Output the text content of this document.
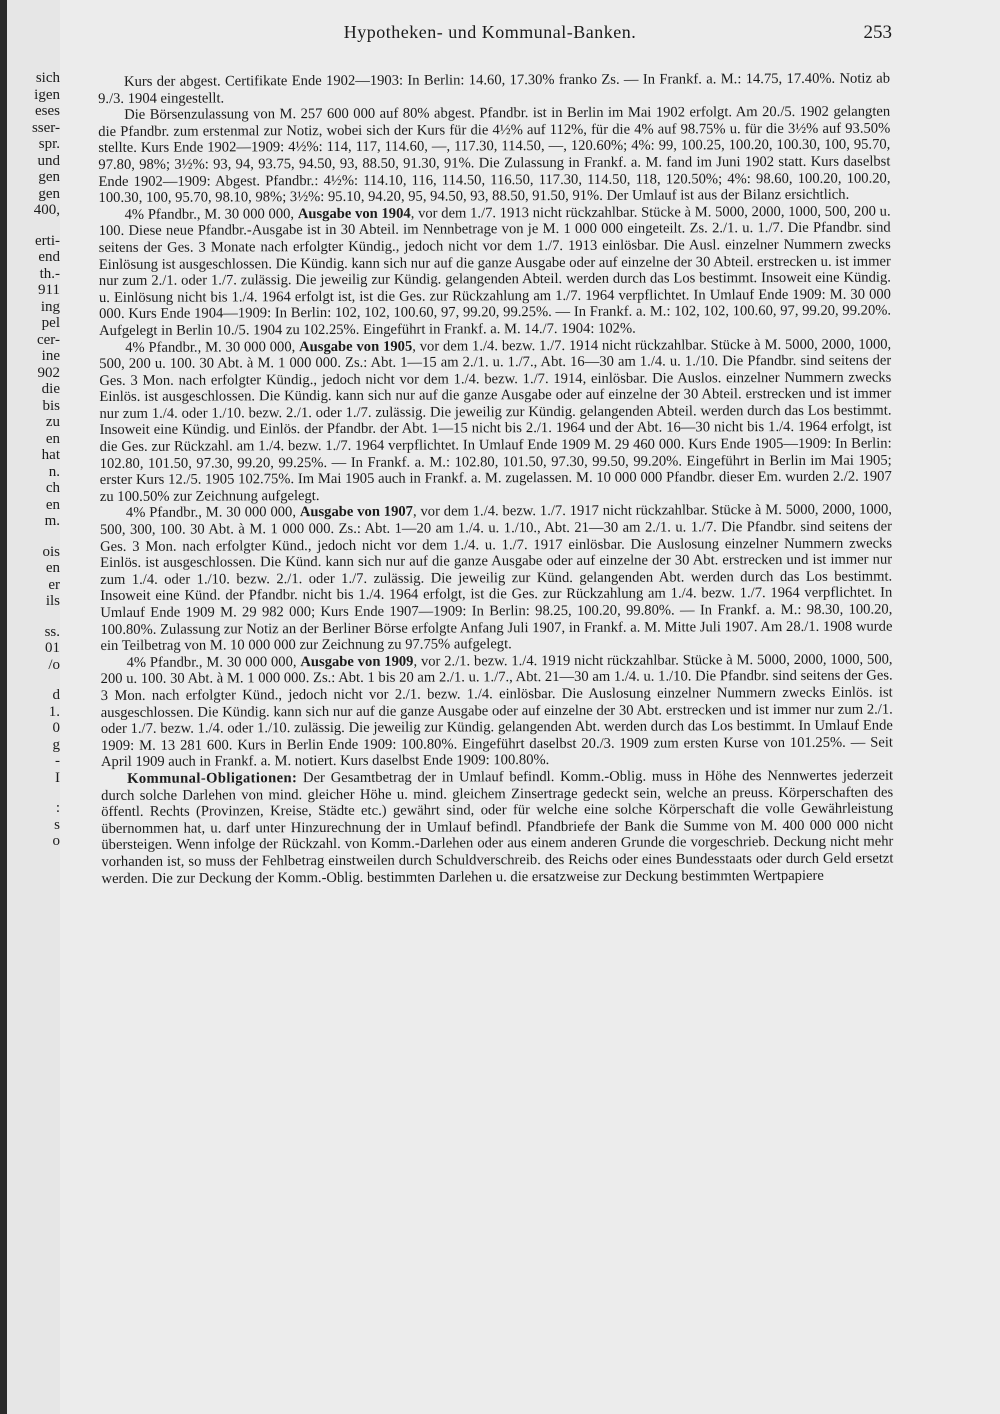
sich
igen
eses
sser-
spr.
und
gen
gen
400,
erti-
end
th.-
911
ing
pel
cer-
ine
902
die
bis
zu
en
hat
n.
ch
en
m.
ois
en
er
ils
ss.
01
/o
d
1.
0
g
-
I
:
s
o
Hypotheken- und Kommunal-Banken.	253

Kurs der abgest. Certifikate Ende 1902—1903: In Berlin: 14.60, 17.30% franko Zs. — In Frankf. a. M.: 14.75, 17.40%. Notiz ab 9./3. 1904 eingestellt.

Die Börsenzulassung von M. 257 600 000 auf 80% abgest. Pfandbr. ist in Berlin im Mai 1902 erfolgt. Am 20./5. 1902 gelangten die Pfandbr. zum erstenmal zur Notiz, wobei sich der Kurs für die 4½% auf 112%, für die 4% auf 98.75% u. für die 3½% auf 93.50% stellte. Kurs Ende 1902—1909: 4½%: 114, 117, 114.60, —, 117.30, 114.50, —, 120.60%; 4%: 99, 100.25, 100.20, 100.30, 100, 95.70, 97.80, 98%; 3½%: 93, 94, 93.75, 94.50, 93, 88.50, 91.30, 91%. Die Zulassung in Frankf. a. M. fand im Juni 1902 statt. Kurs daselbst Ende 1902—1909: Abgest. Pfandbr.: 4½%: 114.10, 116, 114.50, 116.50, 117.30, 114.50, 118, 120.50%; 4%: 98.60, 100.20, 100.20, 100.30, 100, 95.70, 98.10, 98%; 3½%: 95.10, 94.20, 95, 94.50, 93, 88.50, 91.50, 91%. Der Umlauf ist aus der Bilanz ersichtlich.

4% Pfandbr., M. 30 000 000, Ausgabe von 1904, vor dem 1./7. 1913 nicht rückzahlbar. Stücke à M. 5000, 2000, 1000, 500, 200 u. 100. Diese neue Pfandbr.-Ausgabe ist in 30 Abteil. im Nennbetrage von je M. 1 000 000 eingeteilt. Zs. 2./1. u. 1./7. Die Pfandbr. sind seitens der Ges. 3 Monate nach erfolgter Kündig., jedoch nicht vor dem 1./7. 1913 einlösbar. Die Ausl. einzelner Nummern zwecks Einlösung ist ausgeschlossen. Die Kündig. kann sich nur auf die ganze Ausgabe oder auf einzelne der 30 Abteil. erstrecken u. ist immer nur zum 2./1. oder 1./7. zulässig. Die jeweilig zur Kündig. gelangenden Abteil. werden durch das Los bestimmt. Insoweit eine Kündig. u. Einlösung nicht bis 1./4. 1964 erfolgt ist, ist die Ges. zur Rückzahlung am 1./7. 1964 verpflichtet. In Umlauf Ende 1909: M. 30 000 000. Kurs Ende 1904—1909: In Berlin: 102, 102, 100.60, 97, 99.20, 99.25%. — In Frankf. a. M.: 102, 102, 100.60, 97, 99.20, 99.20%. Aufgelegt in Berlin 10./5. 1904 zu 102.25%. Eingeführt in Frankf. a. M. 14./7. 1904: 102%.

4% Pfandbr., M. 30 000 000, Ausgabe von 1905, vor dem 1./4. bezw. 1./7. 1914 nicht rückzahlbar. Stücke à M. 5000, 2000, 1000, 500, 200 u. 100. 30 Abt. à M. 1 000 000. Zs.: Abt. 1—15 am 2./1. u. 1./7., Abt. 16—30 am 1./4. u. 1./10. Die Pfandbr. sind seitens der Ges. 3 Mon. nach erfolgter Kündig., jedoch nicht vor dem 1./4. bezw. 1./7. 1914, einlösbar. Die Auslos. einzelner Nummern zwecks Einlös. ist ausgeschlossen. Die Kündig. kann sich nur auf die ganze Ausgabe oder auf einzelne der 30 Abteil. erstrecken und ist immer nur zum 1./4. oder 1./10. bezw. 2./1. oder 1./7. zulässig. Die jeweilig zur Kündig. gelangenden Abteil. werden durch das Los bestimmt. Insoweit eine Kündig. und Einlös. der Pfandbr. der Abt. 1—15 nicht bis 2./1. 1964 und der Abt. 16—30 nicht bis 1./4. 1964 erfolgt, ist die Ges. zur Rückzahl. am 1./4. bezw. 1./7. 1964 verpflichtet. In Umlauf Ende 1909 M. 29 460 000. Kurs Ende 1905—1909: In Berlin: 102.80, 101.50, 97.30, 99.20, 99.25%. — In Frankf. a. M.: 102.80, 101.50, 97.30, 99.50, 99.20%. Eingeführt in Berlin im Mai 1905; erster Kurs 12./5. 1905 102.75%. Im Mai 1905 auch in Frankf. a. M. zugelassen. M. 10 000 000 Pfandbr. dieser Em. wurden 2./2. 1907 zu 100.50% zur Zeichnung aufgelegt.

4% Pfandbr., M. 30 000 000, Ausgabe von 1907, vor dem 1./4. bezw. 1./7. 1917 nicht rückzahlbar. Stücke à M. 5000, 2000, 1000, 500, 300, 100. 30 Abt. à M. 1 000 000. Zs.: Abt. 1—20 am 1./4. u. 1./10., Abt. 21—30 am 2./1. u. 1./7. Die Pfandbr. sind seitens der Ges. 3 Mon. nach erfolgter Künd., jedoch nicht vor dem 1./4. u. 1./7. 1917 einlösbar. Die Auslosung einzelner Nummern zwecks Einlös. ist ausgeschlossen. Die Künd. kann sich nur auf die ganze Ausgabe oder auf einzelne der 30 Abt. erstrecken und ist immer nur zum 1./4. oder 1./10. bezw. 2./1. oder 1./7. zulässig. Die jeweilig zur Künd. gelangenden Abt. werden durch das Los bestimmt. Insoweit eine Künd. der Pfandbr. nicht bis 1./4. 1964 erfolgt, ist die Ges. zur Rückzahlung am 1./4. bezw. 1./7. 1964 verpflichtet. In Umlauf Ende 1909 M. 29 982 000; Kurs Ende 1907—1909: In Berlin: 98.25, 100.20, 99.80%. — In Frankf. a. M.: 98.30, 100.20, 100.80%. Zulassung zur Notiz an der Berliner Börse erfolgte Anfang Juli 1907, in Frankf. a. M. Mitte Juli 1907. Am 28./1. 1908 wurde ein Teilbetrag von M. 10 000 000 zur Zeichnung zu 97.75% aufgelegt.

4% Pfandbr., M. 30 000 000, Ausgabe von 1909, vor 2./1. bezw. 1./4. 1919 nicht rückzahlbar. Stücke à M. 5000, 2000, 1000, 500, 200 u. 100. 30 Abt. à M. 1 000 000. Zs.: Abt. 1 bis 20 am 2./1. u. 1./7., Abt. 21—30 am 1./4. u. 1./10. Die Pfandbr. sind seitens der Ges. 3 Mon. nach erfolgter Künd., jedoch nicht vor 2./1. bezw. 1./4. einlösbar. Die Auslosung einzelner Nummern zwecks Einlös. ist ausgeschlossen. Die Kündig. kann sich nur auf die ganze Ausgabe oder auf einzelne der 30 Abt. erstrecken und ist immer nur zum 2./1. oder 1./7. bezw. 1./4. oder 1./10. zulässig. Die jeweilig zur Kündig. gelangenden Abt. werden durch das Los bestimmt. In Umlauf Ende 1909: M. 13 281 600. Kurs in Berlin Ende 1909: 100.80%. Eingeführt daselbst 20./3. 1909 zum ersten Kurse von 101.25%. — Seit April 1909 auch in Frankf. a. M. notiert. Kurs daselbst Ende 1909: 100.80%.

Kommunal-Obligationen: Der Gesamtbetrag der in Umlauf befindl. Komm.-Oblig. muss in Höhe des Nennwertes jederzeit durch solche Darlehen von mind. gleicher Höhe u. mind. gleichem Zinsertrage gedeckt sein, welche an preuss. Körperschaften des öffentl. Rechts (Provinzen, Kreise, Städte etc.) gewährt sind, oder für welche eine solche Körperschaft die volle Gewährleistung übernommen hat, u. darf unter Hinzurechnung der in Umlauf befindl. Pfandbriefe der Bank die Summe von M. 400 000 000 nicht übersteigen. Wenn infolge der Rückzahl. von Komm.-Darlehen oder aus einem anderen Grunde die vorgeschrieb. Deckung nicht mehr vorhanden ist, so muss der Fehlbetrag einstweilen durch Schuldverschreib. des Reichs oder eines Bundesstaats oder durch Geld ersetzt werden. Die zur Deckung der Komm.-Oblig. bestimmten Darlehen u. die ersatzweise zur Deckung bestimmten Wertpapiere
